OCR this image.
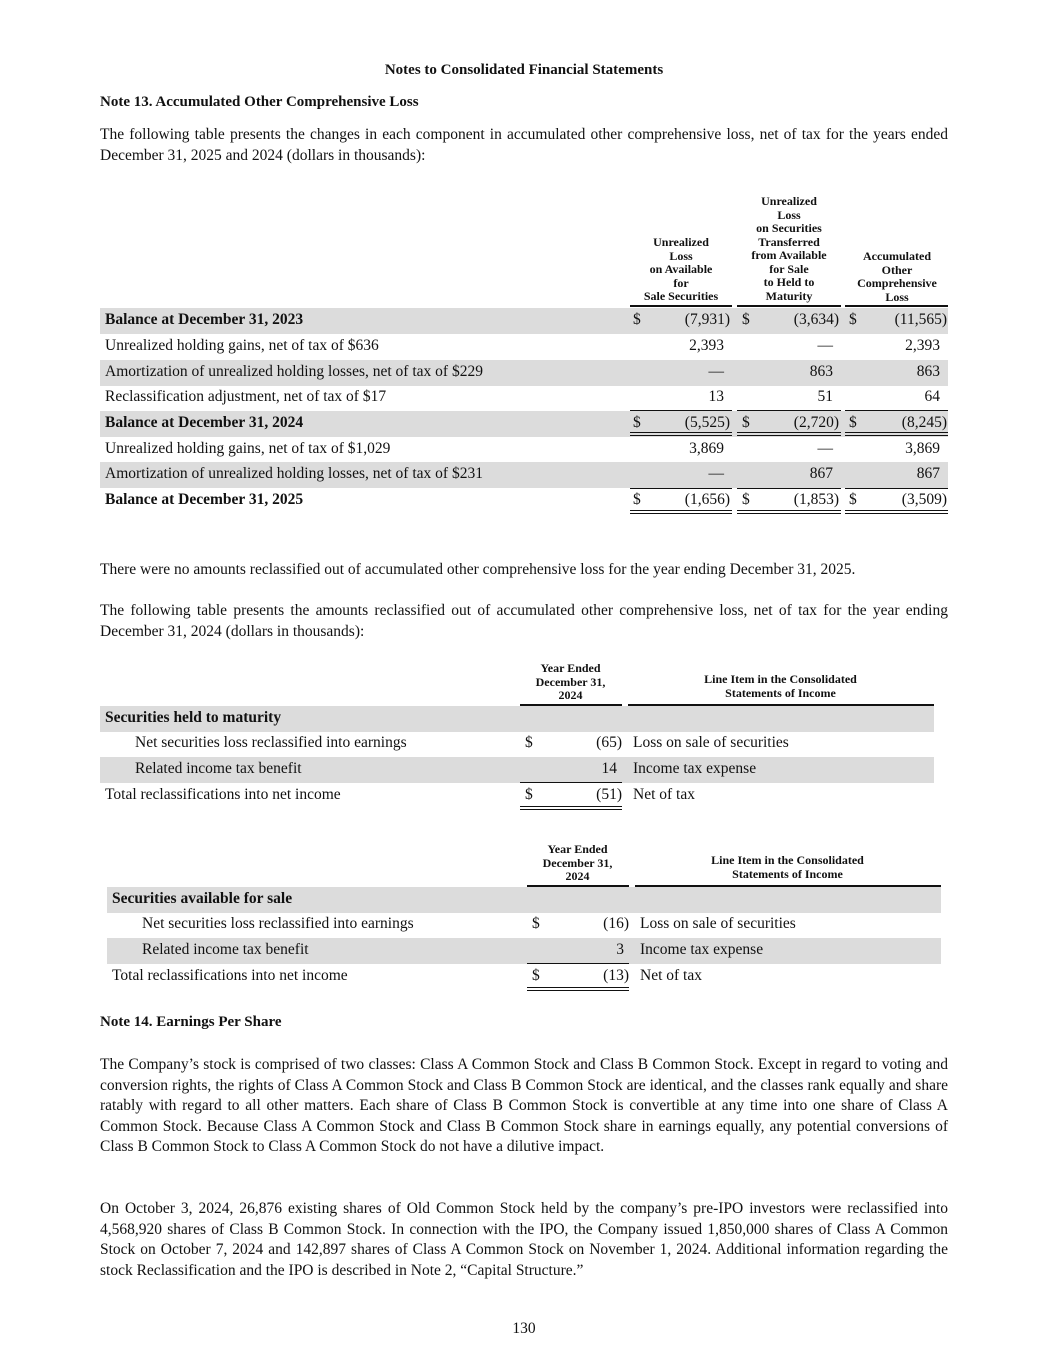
Notes to Consolidated Financial Statements
Note 13. Accumulated Other Comprehensive Loss
The following table presents the changes in each component in accumulated other comprehensive loss, net of tax for the years ended December 31, 2025 and 2024 (dollars in thousands):
Unrealized
Loss
on Available
for
Sale Securities
Unrealized
Loss
on Securities
Transferred
from Available
for Sale
to Held to
Maturity
Accumulated
Other
Comprehensive
Loss
Balance at December 31, 2023	$	(7,931) $	(3,634) $	(11,565)
Unrealized holding gains, net of tax of $636	2,393	—	2,393
Amortization of unrealized holding losses, net of tax of $229	—	863	863
Reclassification adjustment, net of tax of $17	13	51	64
Balance at December 31, 2024	$	(5,525) $	(2,720) $	(8,245)
Unrealized holding gains, net of tax of $1,029	3,869	—	3,869
Amortization of unrealized holding losses, net of tax of $231	—	867	867
Balance at December 31, 2025	$	(1,656) $	(1,853) $	(3,509)
There were no amounts reclassified out of accumulated other comprehensive loss for the year ending December 31, 2025.
The following table presents the amounts reclassified out of accumulated other comprehensive loss, net of tax for the year ending December 31, 2024 (dollars in thousands):
Year Ended
December 31,
2024
Line Item in the Consolidated
Statements of Income
Securities held to maturity
Net securities loss reclassified into earnings	$	(65) Loss on sale of securities
Related income tax benefit	14 Income tax expense
Total reclassifications into net income	$	(51) Net of tax
Year Ended
December 31,
2024
Line Item in the Consolidated
Statements of Income
Securities available for sale
Net securities loss reclassified into earnings	$	(16) Loss on sale of securities
Related income tax benefit	3 Income tax expense
Total reclassifications into net income	$	(13) Net of tax
Note 14. Earnings Per Share
The Company’s stock is comprised of two classes: Class A Common Stock and Class B Common Stock. Except in regard to voting and conversion rights, the rights of Class A Common Stock and Class B Common Stock are identical, and the classes rank equally and share ratably with regard to all other matters. Each share of Class B Common Stock is convertible at any time into one share of Class A Common Stock. Because Class A Common Stock and Class B Common Stock share in earnings equally, any potential conversions of Class B Common Stock to Class A Common Stock do not have a dilutive impact.
On October 3, 2024, 26,876 existing shares of Old Common Stock held by the company’s pre-IPO investors were reclassified into 4,568,920 shares of Class B Common Stock. In connection with the IPO, the Company issued 1,850,000 shares of Class A Common Stock on October 7, 2024 and 142,897 shares of Class A Common Stock on November 1, 2024. Additional information regarding the stock Reclassification and the IPO is described in Note 2, “Capital Structure.”
130
